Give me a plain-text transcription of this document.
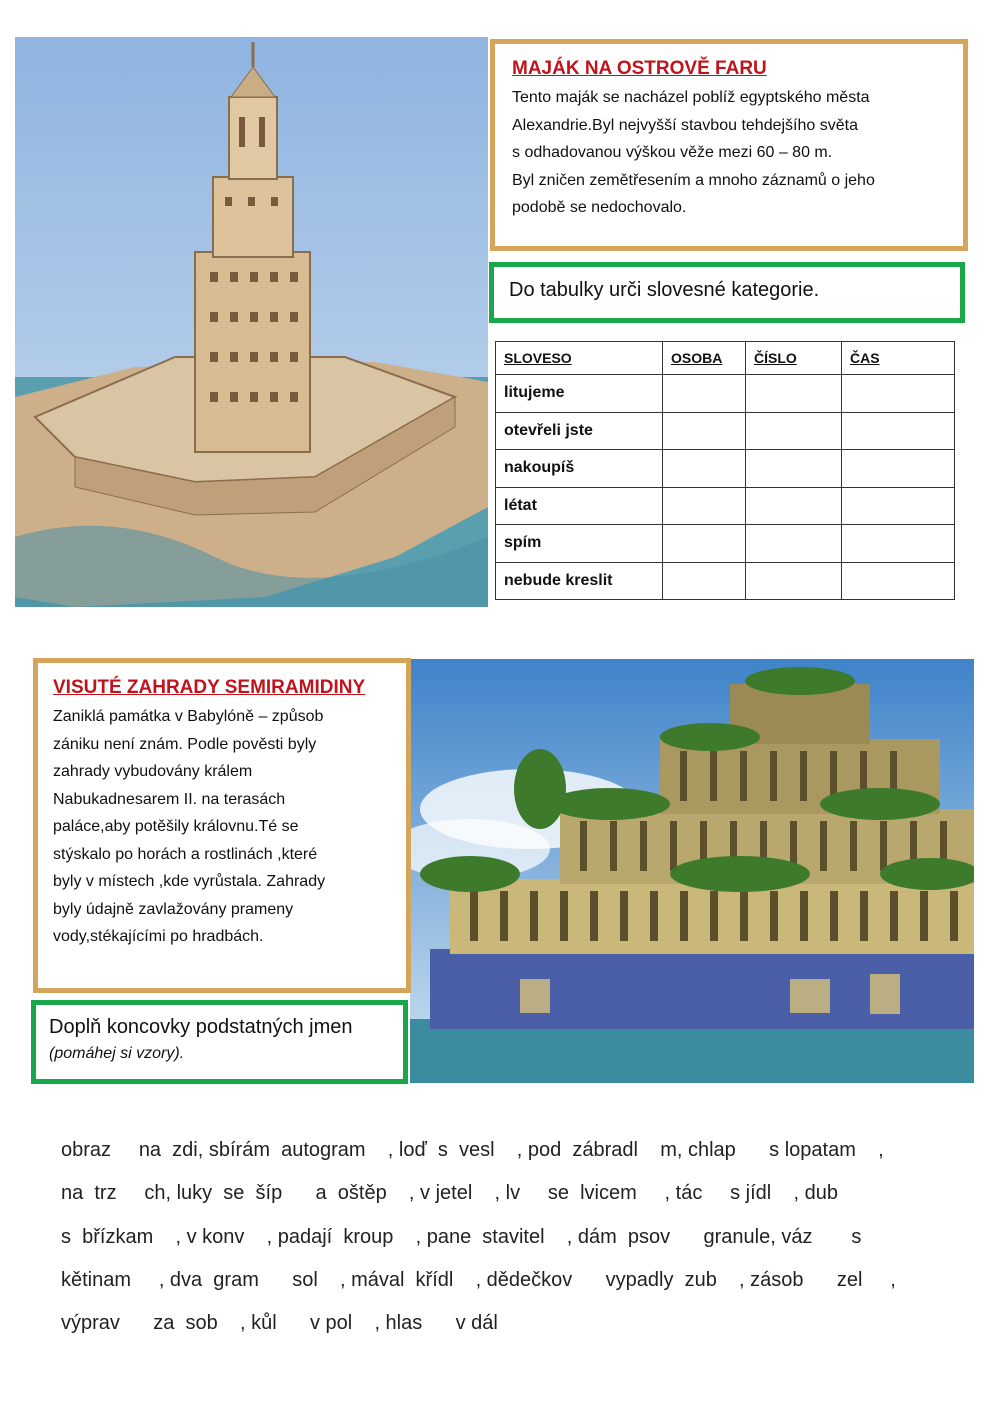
MAJÁK NA OSTROVĚ FARU

Tento maják se nacházel poblíž egyptského města
Alexandrie.Byl nejvyšší stavbou tehdejšího světa
s odhadovanou výškou věže mezi 60 – 80 m.
Byl zničen zemětřesením a mnoho záznamů o jeho
podobě se nedochovalo.

Do tabulky urči slovesné kategorie.

SLOVESO	OSOBA	ČÍSLO	ČAS
litujeme			
otevřeli jste			
nakoupíš			
létat			
spím			
nebude kreslit			

VISUTÉ ZAHRADY SEMIRAMIDINY

Zaniklá památka v Babylóně – způsob
zániku není znám. Podle pověsti byly
zahrady vybudovány králem
Nabukadnesarem II. na terasách
paláce,aby potěšily královnu.Té se
stýskalo po horách a rostlinách ,které
byly v místech ,kde vyrůstala. Zahrady
byly údajně zavlažovány prameny
vody,stékajícími po hradbách.

Doplň koncovky podstatných jmen

(pomáhej si vzory).
obraz     na  zdi, sbírám  autogram    , loď  s  vesl    , pod  zábradl    m, chlap      s lopatam    ,
na  trz     ch, luky  se  šíp      a  oštěp    , v jetel    , lv     se  lvicem     , tác     s jídl    , dub
s  břízkam    , v konv    , padají  kroup    , pane  stavitel    , dám  psov      granule, váz       s
kětinam     , dva  gram      sol    , mával  křídl    , dědečkov      vypadly  zub    , zásob      zel     ,
výprav      za  sob    , kůl      v pol    , hlas      v dál
